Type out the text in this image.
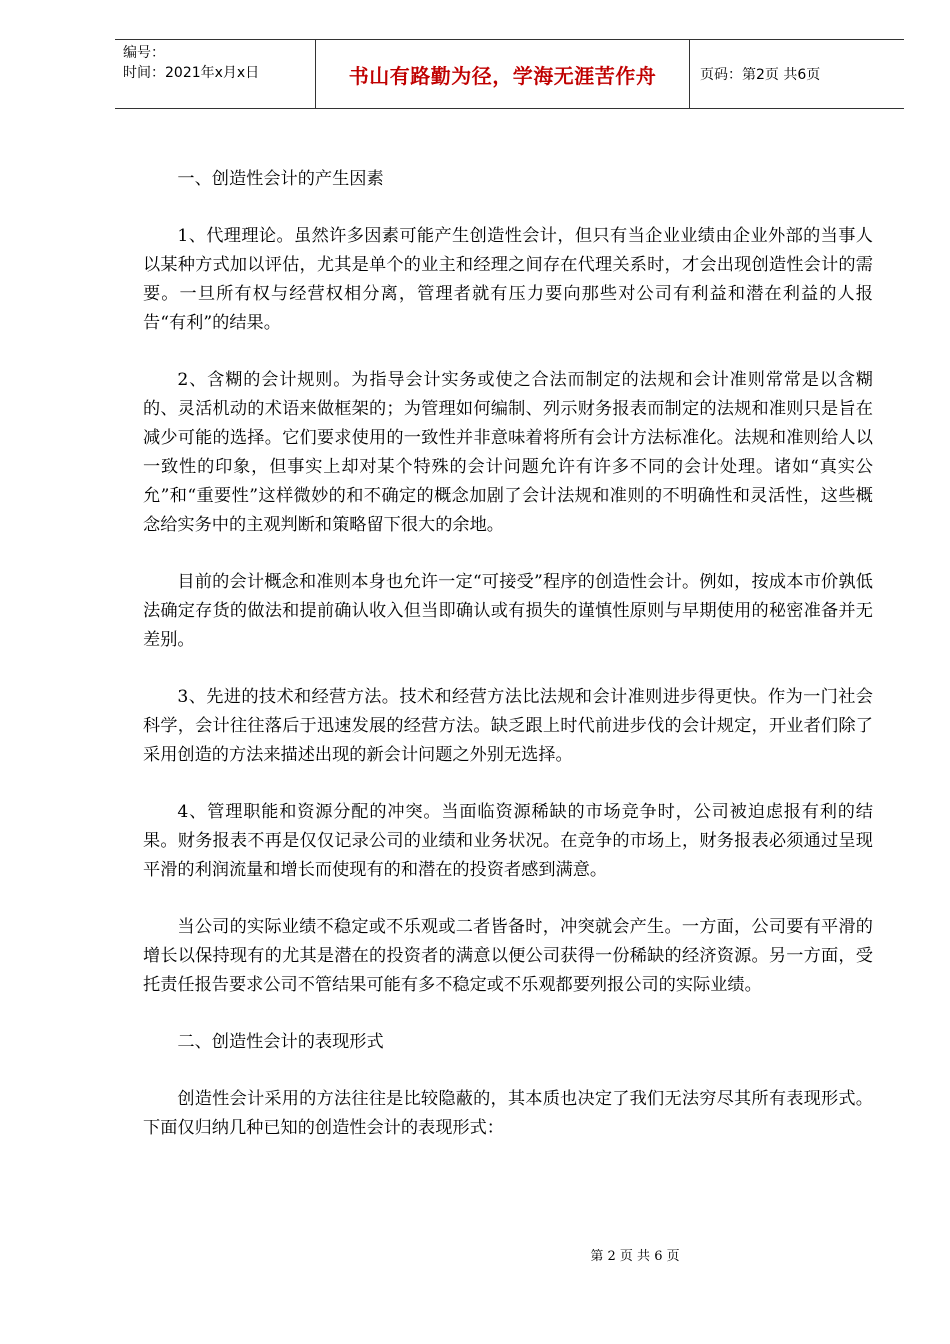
编号：
时间：2021年x月x日	书山有路勤为径，学海无涯苦作舟	页码：第2页 共6页

一、创造性会计的产生因素

1、代理理论。虽然许多因素可能产生创造性会计，但只有当企业业绩由企业外部的当事人以某种方式加以评估，尤其是单个的业主和经理之间存在代理关系时，才会出现创造性会计的需要。一旦所有权与经营权相分离，管理者就有压力要向那些对公司有利益和潜在利益的人报告“有利”的结果。

2、含糊的会计规则。为指导会计实务或使之合法而制定的法规和会计准则常常是以含糊的、灵活机动的术语来做框架的；为管理如何编制、列示财务报表而制定的法规和准则只是旨在减少可能的选择。它们要求使用的一致性并非意味着将所有会计方法标准化。法规和准则给人以一致性的印象，但事实上却对某个特殊的会计问题允许有许多不同的会计处理。诸如“真实公允”和“重要性”这样微妙的和不确定的概念加剧了会计法规和准则的不明确性和灵活性，这些概念给实务中的主观判断和策略留下很大的余地。

目前的会计概念和准则本身也允许一定“可接受”程序的创造性会计。例如，按成本市价孰低法确定存货的做法和提前确认收入但当即确认或有损失的谨慎性原则与早期使用的秘密准备并无差别。

3、先进的技术和经营方法。技术和经营方法比法规和会计准则进步得更快。作为一门社会科学，会计往往落后于迅速发展的经营方法。缺乏跟上时代前进步伐的会计规定，开业者们除了采用创造的方法来描述出现的新会计问题之外别无选择。

4、管理职能和资源分配的冲突。当面临资源稀缺的市场竞争时，公司被迫虑报有利的结果。财务报表不再是仅仅记录公司的业绩和业务状况。在竞争的市场上，财务报表必须通过呈现平滑的利润流量和增长而使现有的和潜在的投资者感到满意。

当公司的实际业绩不稳定或不乐观或二者皆备时，冲突就会产生。一方面，公司要有平滑的增长以保持现有的尤其是潜在的投资者的满意以便公司获得一份稀缺的经济资源。另一方面，受托责任报告要求公司不管结果可能有多不稳定或不乐观都要列报公司的实际业绩。

二、创造性会计的表现形式

创造性会计采用的方法往往是比较隐蔽的，其本质也决定了我们无法穷尽其所有表现形式。下面仅归纳几种已知的创造性会计的表现形式：

第 2 页 共 6 页
